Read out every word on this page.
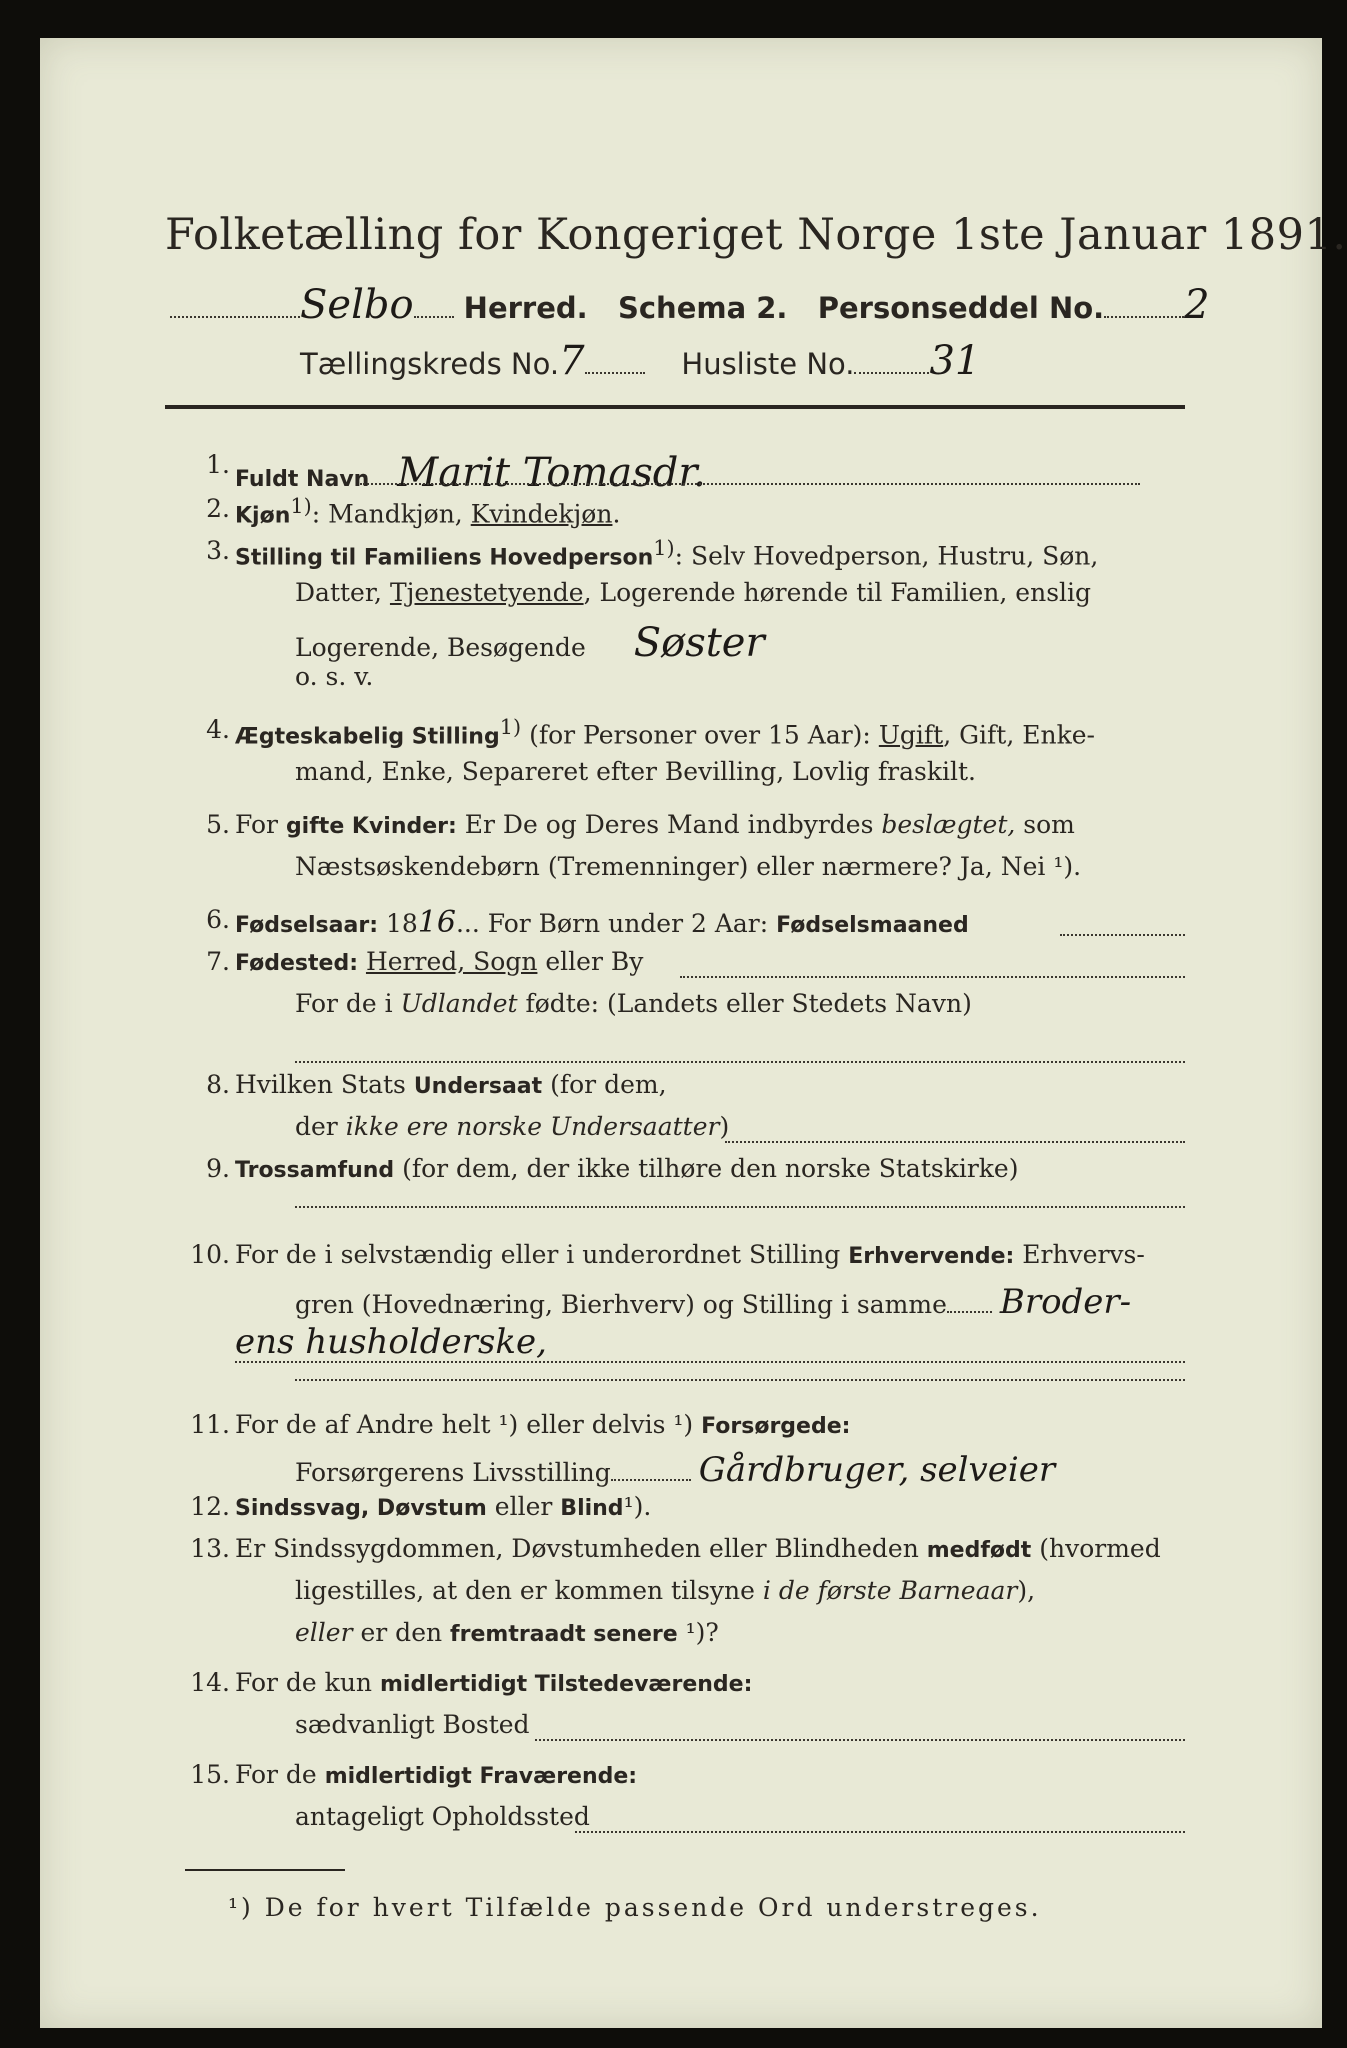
Folketælling for Kongeriget Norge 1ste Januar 1891.
Selbo Herred. Schema 2. Personseddel No. 2
Tællingskreds No.7	Husliste No. 31
1.
Fuldt Navn Marit Tomasdr.
2. Kjøn$^{1)}$: Mandkjøn, Kvindekjøn.
3. Stilling til Familiens Hovedperson$^{1)}$: Selv Hovedperson, Hustru, Søn,
Datter, Tjenestetyende, Logerende hørende til Familien, enslig
Logerende, Besøgende Søster
o. s. v.
4. Ægteskabelig Stilling$^{1)}$ (for Personer over 15 Aar): Ugift, Gift, Enke-
mand, Enke, Separeret efter Bevilling, Lovlig fraskilt.
5. For gifte Kvinder: Er De og Deres Mand indbyrdes beslægtet, som
Næstsøskendebørn (Tremenninger) eller nærmere? Ja, Nei ¹).
6. Fødselsaar: 1816... For Børn under 2 Aar: Fødselsmaaned
7. Fødested: Herred, Sogn eller By
For de i Udlandet fødte: (Landets eller Stedets Navn)
8. Hvilken Stats Undersaat (for dem,
der ikke ere norske Undersaatter)
9. Trossamfund (for dem, der ikke tilhøre den norske Statskirke)
10. For de i selvstændig eller i underordnet Stilling Erhvervende: Erhvervs-
gren (Hovednæring, Bierhverv) og Stilling i samme Broder-
ens husholderske,
11. For de af Andre helt ¹) eller delvis ¹) Forsørgede:
Forsørgerens Livsstilling	Gårdbruger, selveier
12. Sindssvag, Døvstum eller Blind¹).
13. Er Sindssygdommen, Døvstumheden eller Blindheden medfødt (hvormed
ligestilles, at den er kommen tilsyne i de første Barneaar),
eller er den fremtraadt senere ¹)?
14. For de kun midlertidigt Tilstedeværende:
sædvanligt Bosted
15. For de midlertidigt Fraværende:
antageligt Opholdssted
¹) De for hvert Tilfælde passende Ord understreges.
